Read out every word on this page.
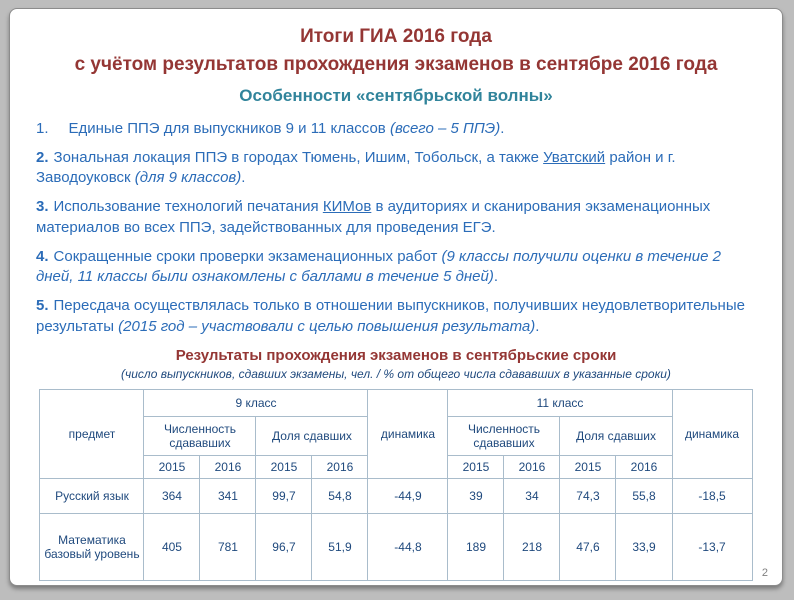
Итоги ГИА 2016 года
с учётом результатов прохождения экзаменов в сентябре 2016 года
Особенности «сентябрьской волны»
1. Единые ППЭ для выпускников 9 и 11 классов (всего – 5 ППЭ).
2. Зональная локация ППЭ в городах Тюмень, Ишим, Тобольск, а также Уватский район и г. Заводоуковск (для 9 классов).
3. Использование технологий печатания КИМов в аудиториях и сканирования экзаменационных материалов во всех ППЭ, задействованных для проведения ЕГЭ.
4. Сокращенные сроки проверки экзаменационных работ (9 классы получили оценки в течение 2 дней, 11 классы были ознакомлены с баллами в течение 5 дней).
5. Пересдача осуществлялась только в отношении выпускников, получивших неудовлетворительные результаты (2015 год – участвовали с целью повышения результата).
Результаты прохождения экзаменов в сентябрьские сроки
(число выпускников, сдавших экзамены, чел. / % от общего числа сдававших в указанные сроки)
предмет	9 класс				динамика	11 класс				динамика
	Численность сдававших		Доля сдавших			Численность сдававших		Доля сдавших		
	2015	2016	2015	2016		2015	2016	2015	2016	
Русский язык	364	341	99,7	54,8	-44,9	39	34	74,3	55,8	-18,5
Математика базовый уровень	405	781	96,7	51,9	-44,8	189	218	47,6	33,9	-13,7
2
